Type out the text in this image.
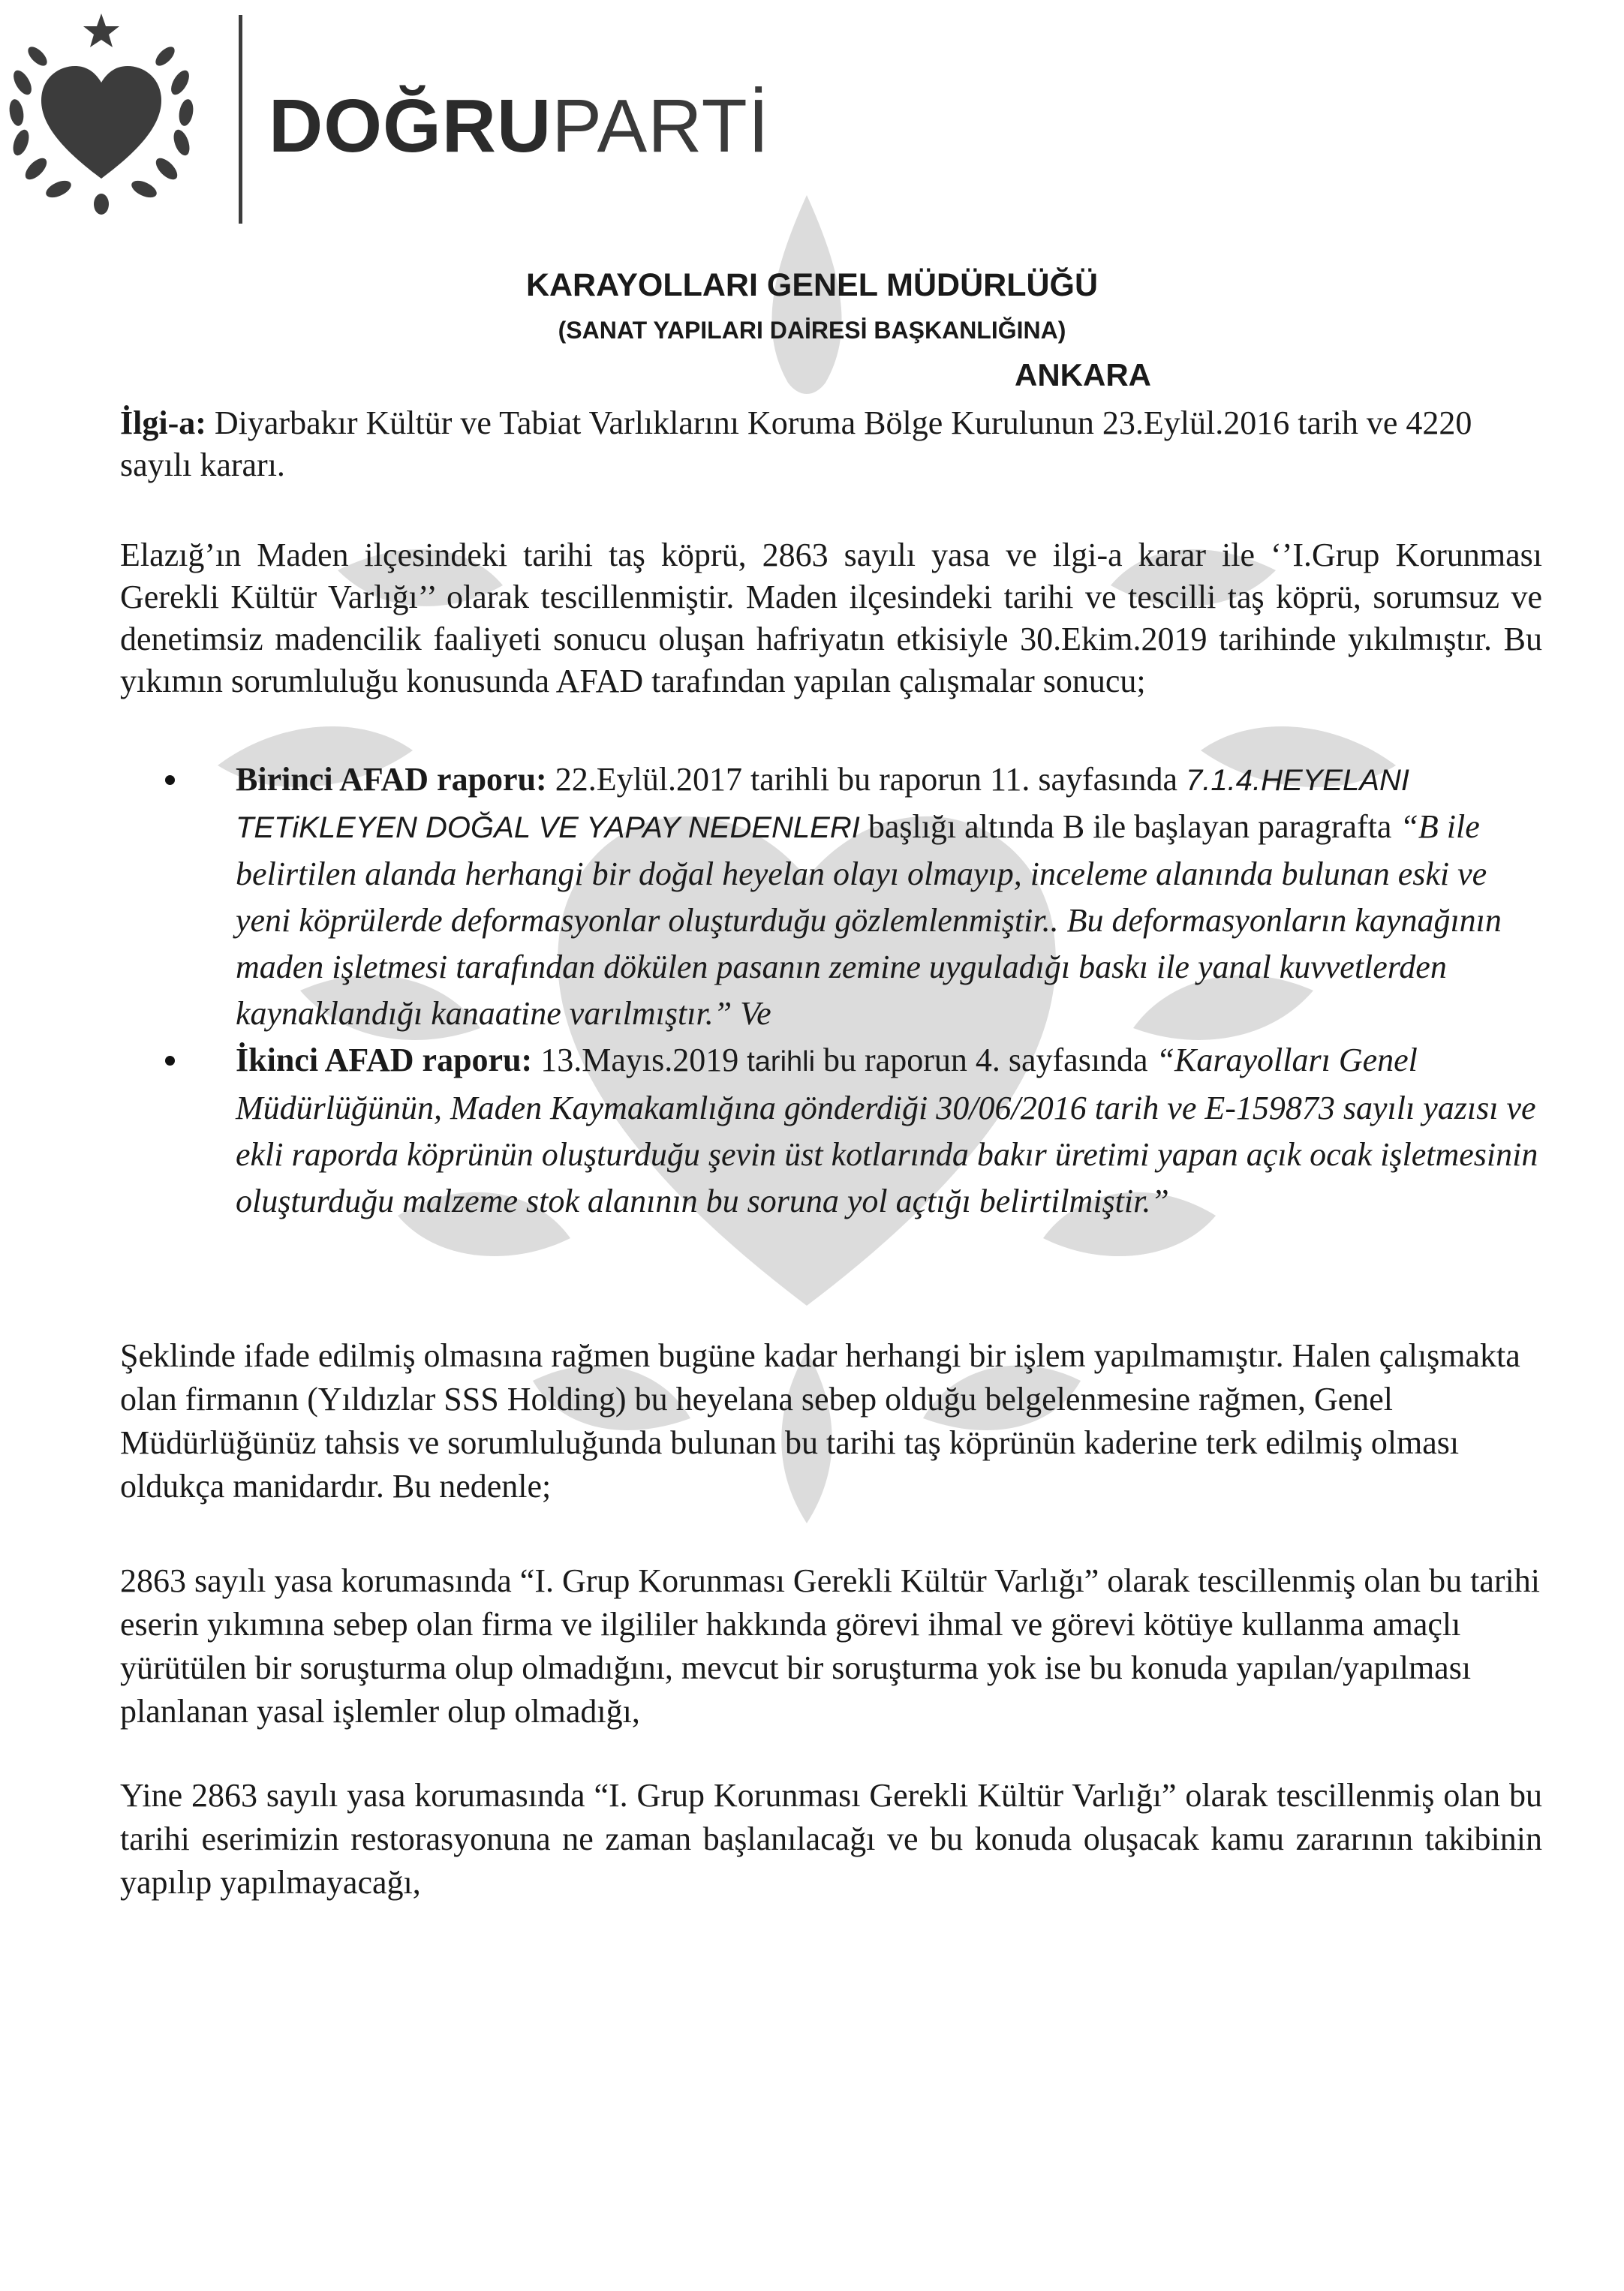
DOĞRUPARTİ
KARAYOLLARI GENEL MÜDÜRLÜĞÜ
(SANAT YAPILARI DAİRESİ BAŞKANLIĞINA)
ANKARA

İlgi-a: Diyarbakır Kültür ve Tabiat Varlıklarını Koruma Bölge Kurulunun 23.Eylül.2016 tarih ve 4220 sayılı kararı.

Elazığ’ın Maden ilçesindeki tarihi taş köprü, 2863 sayılı yasa ve ilgi-a karar ile ‘’I.Grup Korunması Gerekli Kültür Varlığı’’ olarak tescillenmiştir. Maden ilçesindeki tarihi ve tescilli taş köprü, sorumsuz ve denetimsiz madencilik faaliyeti sonucu oluşan hafriyatın etkisiyle 30.Ekim.2019 tarihinde yıkılmıştır. Bu yıkımın sorumluluğu konusunda AFAD tarafından yapılan çalışmalar sonucu;

Birinci AFAD raporu: 22.Eylül.2017 tarihli bu raporun 11. sayfasında 7.1.4.HEYELANI TETiKLEYEN DOĞAL VE YAPAY NEDENLERI başlığı altında B ile başlayan paragrafta “B ile belirtilen alanda herhangi bir doğal heyelan olayı olmayıp, inceleme alanında bulunan eski ve yeni köprülerde deformasyonlar oluşturduğu gözlemlenmiştir.. Bu deformasyonların kaynağının maden işletmesi tarafından dökülen pasanın zemine uyguladığı baskı ile yanal kuvvetlerden kaynaklandığı kanaatine varılmıştır.” Ve
İkinci AFAD raporu: 13.Mayıs.2019 tarihli bu raporun 4. sayfasında “Karayolları Genel Müdürlüğünün, Maden Kaymakamlığına gönderdiği 30/06/2016 tarih ve E-159873 sayılı yazısı ve ekli raporda köprünün oluşturduğu şevin üst kotlarında bakır üretimi yapan açık ocak işletmesinin oluşturduğu malzeme stok alanının bu soruna yol açtığı belirtilmiştir.”

Şeklinde ifade edilmiş olmasına rağmen bugüne kadar herhangi bir işlem yapılmamıştır. Halen çalışmakta olan firmanın (Yıldızlar SSS Holding) bu heyelana sebep olduğu belgelenmesine rağmen, Genel Müdürlüğünüz tahsis ve sorumluluğunda bulunan bu tarihi taş köprünün kaderine terk edilmiş olması oldukça manidardır. Bu nedenle;

2863 sayılı yasa korumasında “I. Grup Korunması Gerekli Kültür Varlığı” olarak tescillenmiş olan bu tarihi eserin yıkımına sebep olan firma ve ilgililer hakkında görevi ihmal ve görevi kötüye kullanma amaçlı yürütülen bir soruşturma olup olmadığını, mevcut bir soruşturma yok ise bu konuda yapılan/yapılması planlanan yasal işlemler olup olmadığı,

Yine 2863 sayılı yasa korumasında “I. Grup Korunması Gerekli Kültür Varlığı” olarak tescillenmiş olan bu tarihi eserimizin restorasyonuna ne zaman başlanılacağı ve bu konuda oluşacak kamu zararının takibinin yapılıp yapılmayacağı,
